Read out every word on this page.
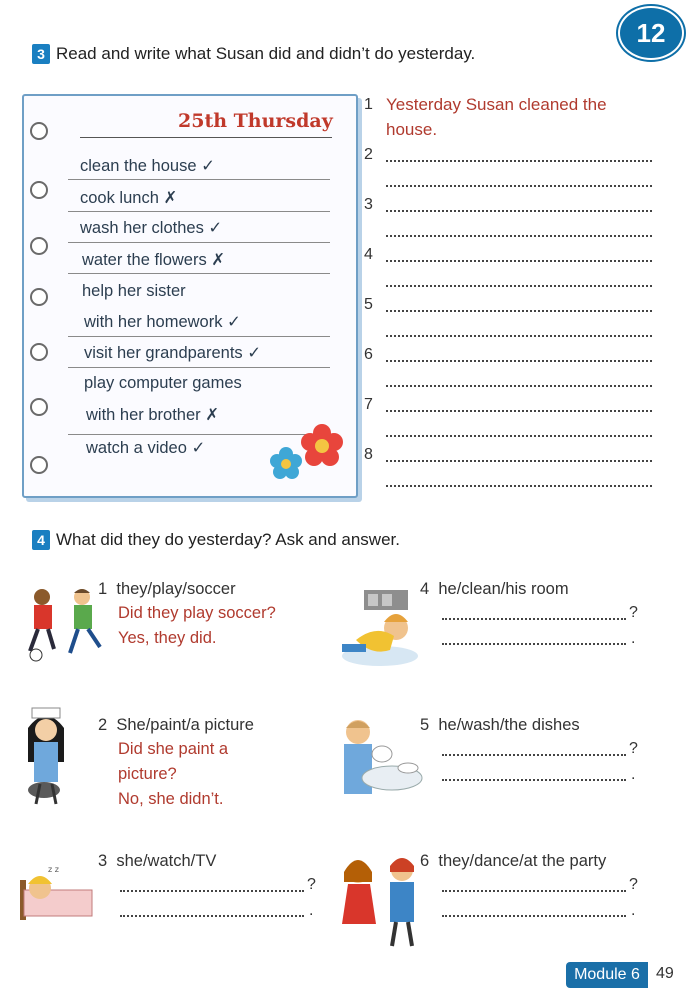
12
3 Read and write what Susan did and didn’t do yesterday.
25th Thursday
clean the house ✓
cook lunch ✗
wash her clothes ✓
water the flowers ✗
help her sister
with her homework ✓
visit her grandparents ✓
play computer games
with her brother ✗
watch a video ✓
1 Yesterday Susan cleaned the
house.
2
3
4
5
6
7
8
4 What did they do yesterday? Ask and answer.
1 they/play/soccer
Did they play soccer?
Yes, they did.
4 he/clean/his room
?
.
2 She/paint/a picture
Did she paint a
picture?
No, she didn’t.
5 he/wash/the dishes
?
.
z z 3 she/watch/TV
?
.
6 they/dance/at the party
?
.
Module 6 49
